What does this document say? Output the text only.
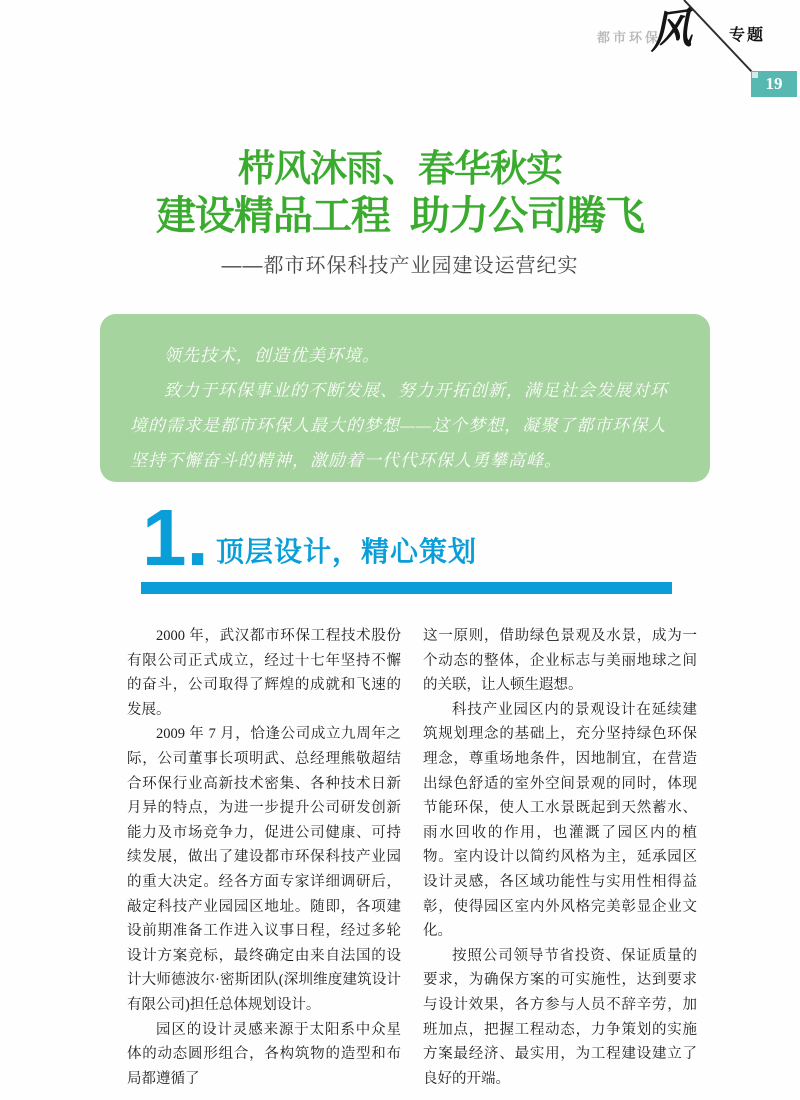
都市环保
风 专题
19
栉风沐雨、春华秋实
建设精品工程 助力公司腾飞
——都市环保科技产业园建设运营纪实

领先技术，创造优美环境。

致力于环保事业的不断发展、努力开拓创新，满足社会发展对环境的需求是都市环保人最大的梦想——这个梦想，凝聚了都市环保人坚持不懈奋斗的精神，激励着一代代环保人勇攀高峰。

1. 顶层设计，精心策划

2000 年，武汉都市环保工程技术股份有限公司正式成立，经过十七年坚持不懈的奋斗，公司取得了辉煌的成就和飞速的发展。

2009 年 7 月，恰逢公司成立九周年之际，公司董事长项明武、总经理熊敬超结合环保行业高新技术密集、各种技术日新月异的特点，为进一步提升公司研发创新能力及市场竞争力，促进公司健康、可持续发展，做出了建设都市环保科技产业园的重大决定。经各方面专家详细调研后，敲定科技产业园园区地址。随即，各项建设前期准备工作进入议事日程，经过多轮设计方案竞标，最终确定由来自法国的设计大师德波尔·密斯团队(深圳维度建筑设计有限公司)担任总体规划设计。

园区的设计灵感来源于太阳系中众星体的动态圆形组合，各构筑物的造型和布局都遵循了

这一原则，借助绿色景观及水景，成为一个动态的整体，企业标志与美丽地球之间的关联，让人顿生遐想。

科技产业园区内的景观设计在延续建筑规划理念的基础上，充分坚持绿色环保理念，尊重场地条件，因地制宜，在营造出绿色舒适的室外空间景观的同时，体现节能环保，使人工水景既起到天然蓄水、雨水回收的作用，也灌溉了园区内的植物。室内设计以简约风格为主，延承园区设计灵感，各区域功能性与实用性相得益彰，使得园区室内外风格完美彰显企业文化。

按照公司领导节省投资、保证质量的要求，为确保方案的可实施性，达到要求与设计效果，各方参与人员不辞辛劳，加班加点，把握工程动态，力争策划的实施方案最经济、最实用，为工程建设建立了良好的开端。
